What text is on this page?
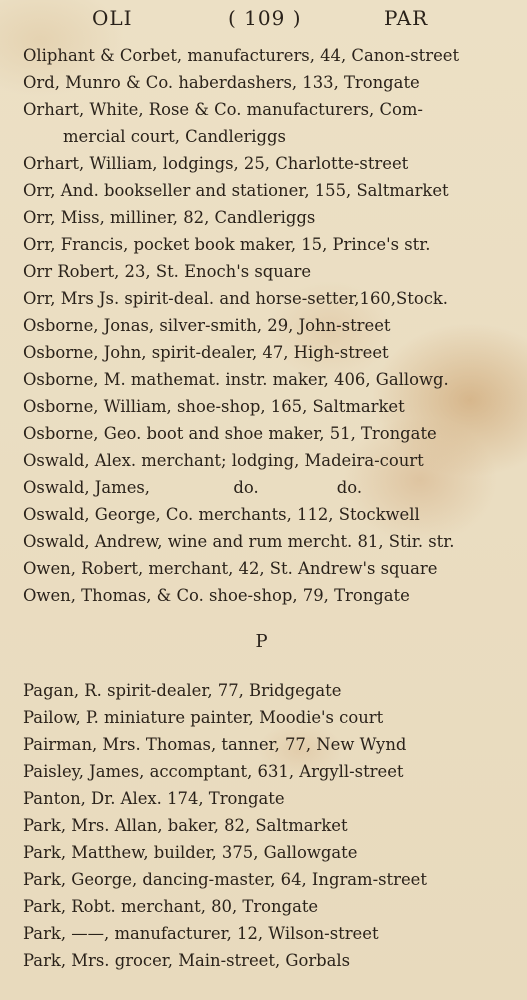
OLI	( 109 )	PAR
Oliphant & Corbet, manufacturers, 44, Canon-street
Ord, Munro & Co. haberdashers, 133, Trongate
Orhart, White, Rose & Co. manufacturers, Com-
mercial court, Candleriggs
Orhart, William, lodgings, 25, Charlotte-street
Orr, And. bookseller and stationer, 155, Saltmarket
Orr, Miss, milliner, 82, Candleriggs
Orr, Francis, pocket book maker, 15, Prince's str.
Orr Robert, 23, St. Enoch's square
Orr, Mrs Js. spirit-deal. and horse-setter,160,Stock.
Osborne, Jonas, silver-smith, 29, John-street
Osborne, John, spirit-dealer, 47, High-street
Osborne, M. mathemat. instr. maker, 406, Gallowg.
Osborne, William, shoe-shop, 165, Saltmarket
Osborne, Geo. boot and shoe maker, 51, Trongate
Oswald, Alex. merchant; lodging, Madeira-court
Oswald, James,                do.               do.
Oswald, George, Co. merchants, 112, Stockwell
Oswald, Andrew, wine and rum mercht. 81, Stir. str.
Owen, Robert, merchant, 42, St. Andrew's square
Owen, Thomas, & Co. shoe-shop, 79, Trongate
P
Pagan, R. spirit-dealer, 77, Bridgegate
Pailow, P. miniature painter, Moodie's court
Pairman, Mrs. Thomas, tanner, 77, New Wynd
Paisley, James, accomptant, 631, Argyll-street
Panton, Dr. Alex. 174, Trongate
Park, Mrs. Allan, baker, 82, Saltmarket
Park, Matthew, builder, 375, Gallowgate
Park, George, dancing-master, 64, Ingram-street
Park, Robt. merchant, 80, Trongate
Park, ——, manufacturer, 12, Wilson-street
Park, Mrs. grocer, Main-street, Gorbals
